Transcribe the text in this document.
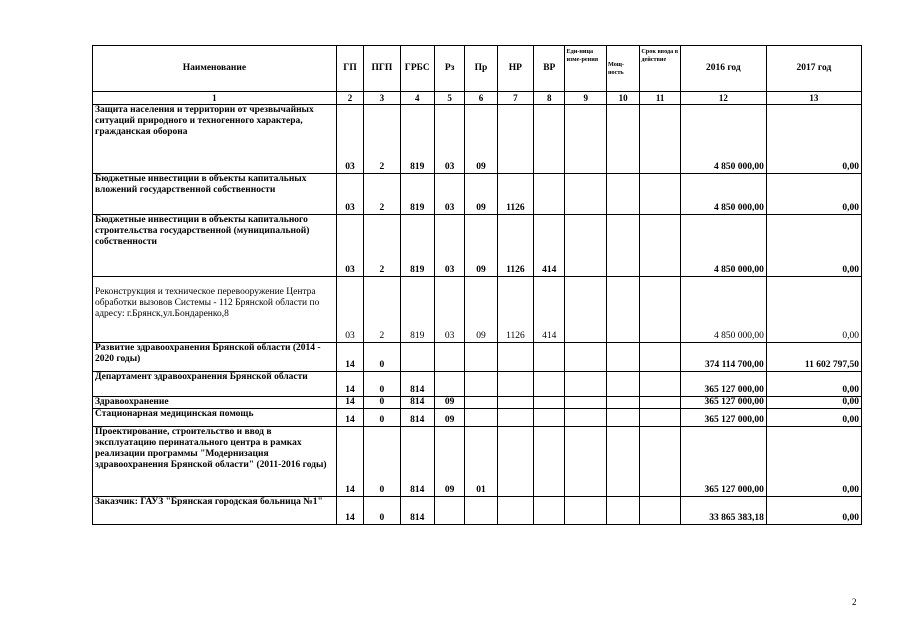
Наименование	ГП	ПГП	ГРБС	Рз	Пр	НР	ВР	Еди-ница изме-рения	Мощ-ность	Срок ввода в действие	2016 год	2017 год
1	2	3	4	5	6	7	8	9	10	11	12	13
Защита населения и территории от чрезвычайных ситуаций природного и техногенного характера, гражданская оборона	03	2	819	03	09						4 850 000,00	0,00
Бюджетные инвестиции в объекты капитальных вложений государственной собственности	03	2	819	03	09	1126					4 850 000,00	0,00
Бюджетные инвестиции в объекты капитального строительства государственной (муниципальной) собственности	03	2	819	03	09	1126	414				4 850 000,00	0,00
Реконструкция и техническое перевооружение Центра обработки вызовов Системы - 112 Брянской области по адресу: г.Брянск,ул.Бондаренко,8	03	2	819	03	09	1126	414				4 850 000,00	0,00
Развитие здравоохранения Брянской области (2014 - 2020 годы)	14	0									374 114 700,00	11 602 797,50
Департамент здравоохранения Брянской области	14	0	814								365 127 000,00	0,00
Здравоохранение	14	0	814	09							365 127 000,00	0,00
Стационарная медицинская помощь	14	0	814	09							365 127 000,00	0,00
Проектирование, строительство и ввод в эксплуатацию перинатального центра в рамках реализации программы "Модернизация здравоохранения Брянской области" (2011-2016 годы)	14	0	814	09	01						365 127 000,00	0,00
Заказчик: ГАУЗ "Брянская городская больница №1"	14	0	814								33 865 383,18	0,00
2
